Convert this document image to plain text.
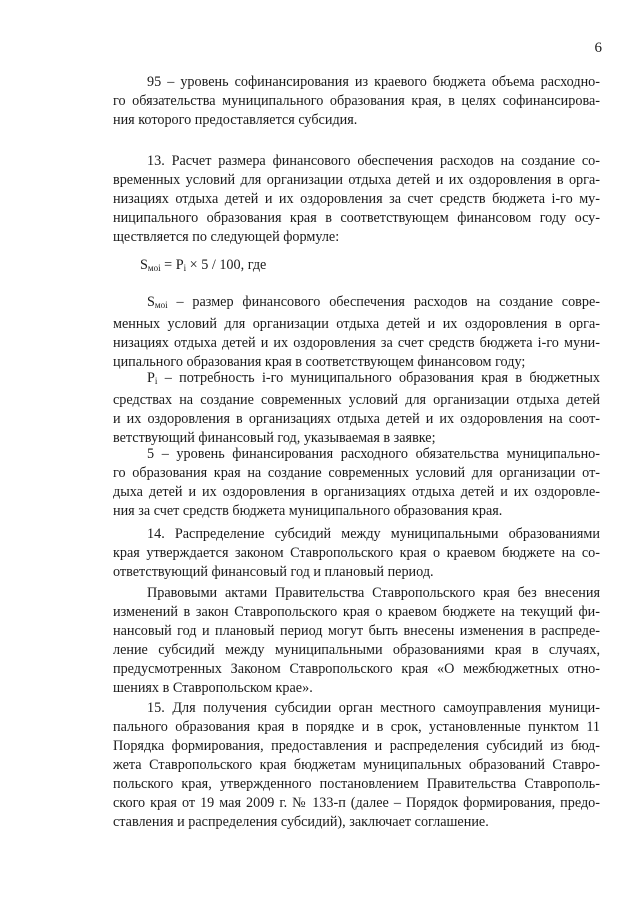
6
95 – уровень софинансирования из краевого бюджета объема расходно-
го обязательства муниципального образования края, в целях софинансирова-
ния которого предоставляется субсидия.
13. Расчет размера финансового обеспечения расходов на создание со-
временных условий для организации отдыха детей и их оздоровления в орга-
низациях отдыха детей и их оздоровления за счет средств бюджета i-го му-
ниципального образования края в соответствующем финансовом году осу-
ществляется по следующей формуле:

$S_{моi} = P_i \times 5 / 100$, где

$S_{моi}$ – размер финансового обеспечения расходов на создание совре-
менных условий для организации отдыха детей и их оздоровления в орга-
низациях отдыха детей и их оздоровления за счет средств бюджета i-го муни-
ципального образования края в соответствующем финансовом году;
$P_i$ – потребность i-го муниципального образования края в бюджетных
средствах на создание современных условий для организации отдыха детей
и их оздоровления в организациях отдыха детей и их оздоровления на соот-
ветствующий финансовый год, указываемая в заявке;
5 – уровень финансирования расходного обязательства муниципально-
го образования края на создание современных условий для организации от-
дыха детей и их оздоровления в организациях отдыха детей и их оздоровле-
ния за счет средств бюджета муниципального образования края.
14. Распределение субсидий между муниципальными образованиями
края утверждается законом Ставропольского края о краевом бюджете на со-
ответствующий финансовый год и плановый период.
Правовыми актами Правительства Ставропольского края без внесения
изменений в закон Ставропольского края о краевом бюджете на текущий фи-
нансовый год и плановый период могут быть внесены изменения в распреде-
ление субсидий между муниципальными образованиями края в случаях,
предусмотренных Законом Ставропольского края «О межбюджетных отно-
шениях в Ставропольском крае».
15. Для получения субсидии орган местного самоуправления муници-
пального образования края в порядке и в срок, установленные пунктом 11
Порядка формирования, предоставления и распределения субсидий из бюд-
жета Ставропольского края бюджетам муниципальных образований Ставро-
польского края, утвержденного постановлением Правительства Ставрополь-
ского края от 19 мая 2009 г. № 133-п (далее – Порядок формирования, предо-
ставления и распределения субсидий), заключает соглашение.
